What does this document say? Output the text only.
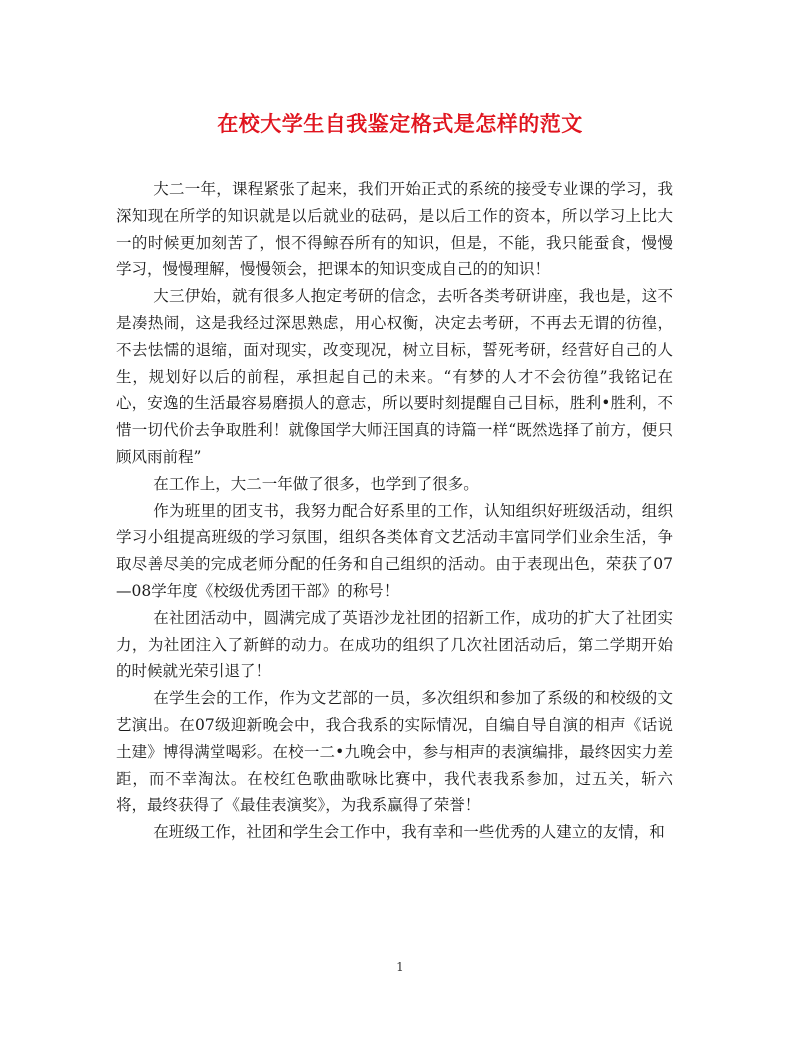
在校大学生自我鉴定格式是怎样的范文

大二一年，课程紧张了起来，我们开始正式的系统的接受专业课的学习，我深知现在所学的知识就是以后就业的砝码，是以后工作的资本，所以学习上比大一的时候更加刻苦了，恨不得鲸吞所有的知识，但是，不能，我只能蚕食，慢慢学习，慢慢理解，慢慢领会，把课本的知识变成自己的的知识！

大三伊始，就有很多人抱定考研的信念，去听各类考研讲座，我也是，这不是凑热闹，这是我经过深思熟虑，用心权衡，决定去考研，不再去无谓的彷徨，不去怯懦的退缩，面对现实，改变现况，树立目标，誓死考研，经营好自己的人生，规划好以后的前程，承担起自己的未来。“有梦的人才不会彷徨”我铭记在心，安逸的生活最容易磨损人的意志，所以要时刻提醒自己目标，胜利•胜利，不惜一切代价去争取胜利！就像国学大师汪国真的诗篇一样“既然选择了前方，便只顾风雨前程”

在工作上，大二一年做了很多，也学到了很多。

作为班里的团支书，我努力配合好系里的工作，认知组织好班级活动，组织学习小组提高班级的学习氛围，组织各类体育文艺活动丰富同学们业余生活，争取尽善尽美的完成老师分配的任务和自己组织的活动。由于表现出色，荣获了07—08学年度《校级优秀团干部》的称号！

在社团活动中，圆满完成了英语沙龙社团的招新工作，成功的扩大了社团实力，为社团注入了新鲜的动力。在成功的组织了几次社团活动后，第二学期开始的时候就光荣引退了！

在学生会的工作，作为文艺部的一员，多次组织和参加了系级的和校级的文艺演出。在07级迎新晚会中，我合我系的实际情况，自编自导自演的相声《话说土建》博得满堂喝彩。在校一二•九晚会中，参与相声的表演编排，最终因实力差距，而不幸淘汰。在校红色歌曲歌咏比赛中，我代表我系参加，过五关，斩六将，最终获得了《最佳表演奖》，为我系赢得了荣誉！

在班级工作，社团和学生会工作中，我有幸和一些优秀的人建立的友情，和

1
